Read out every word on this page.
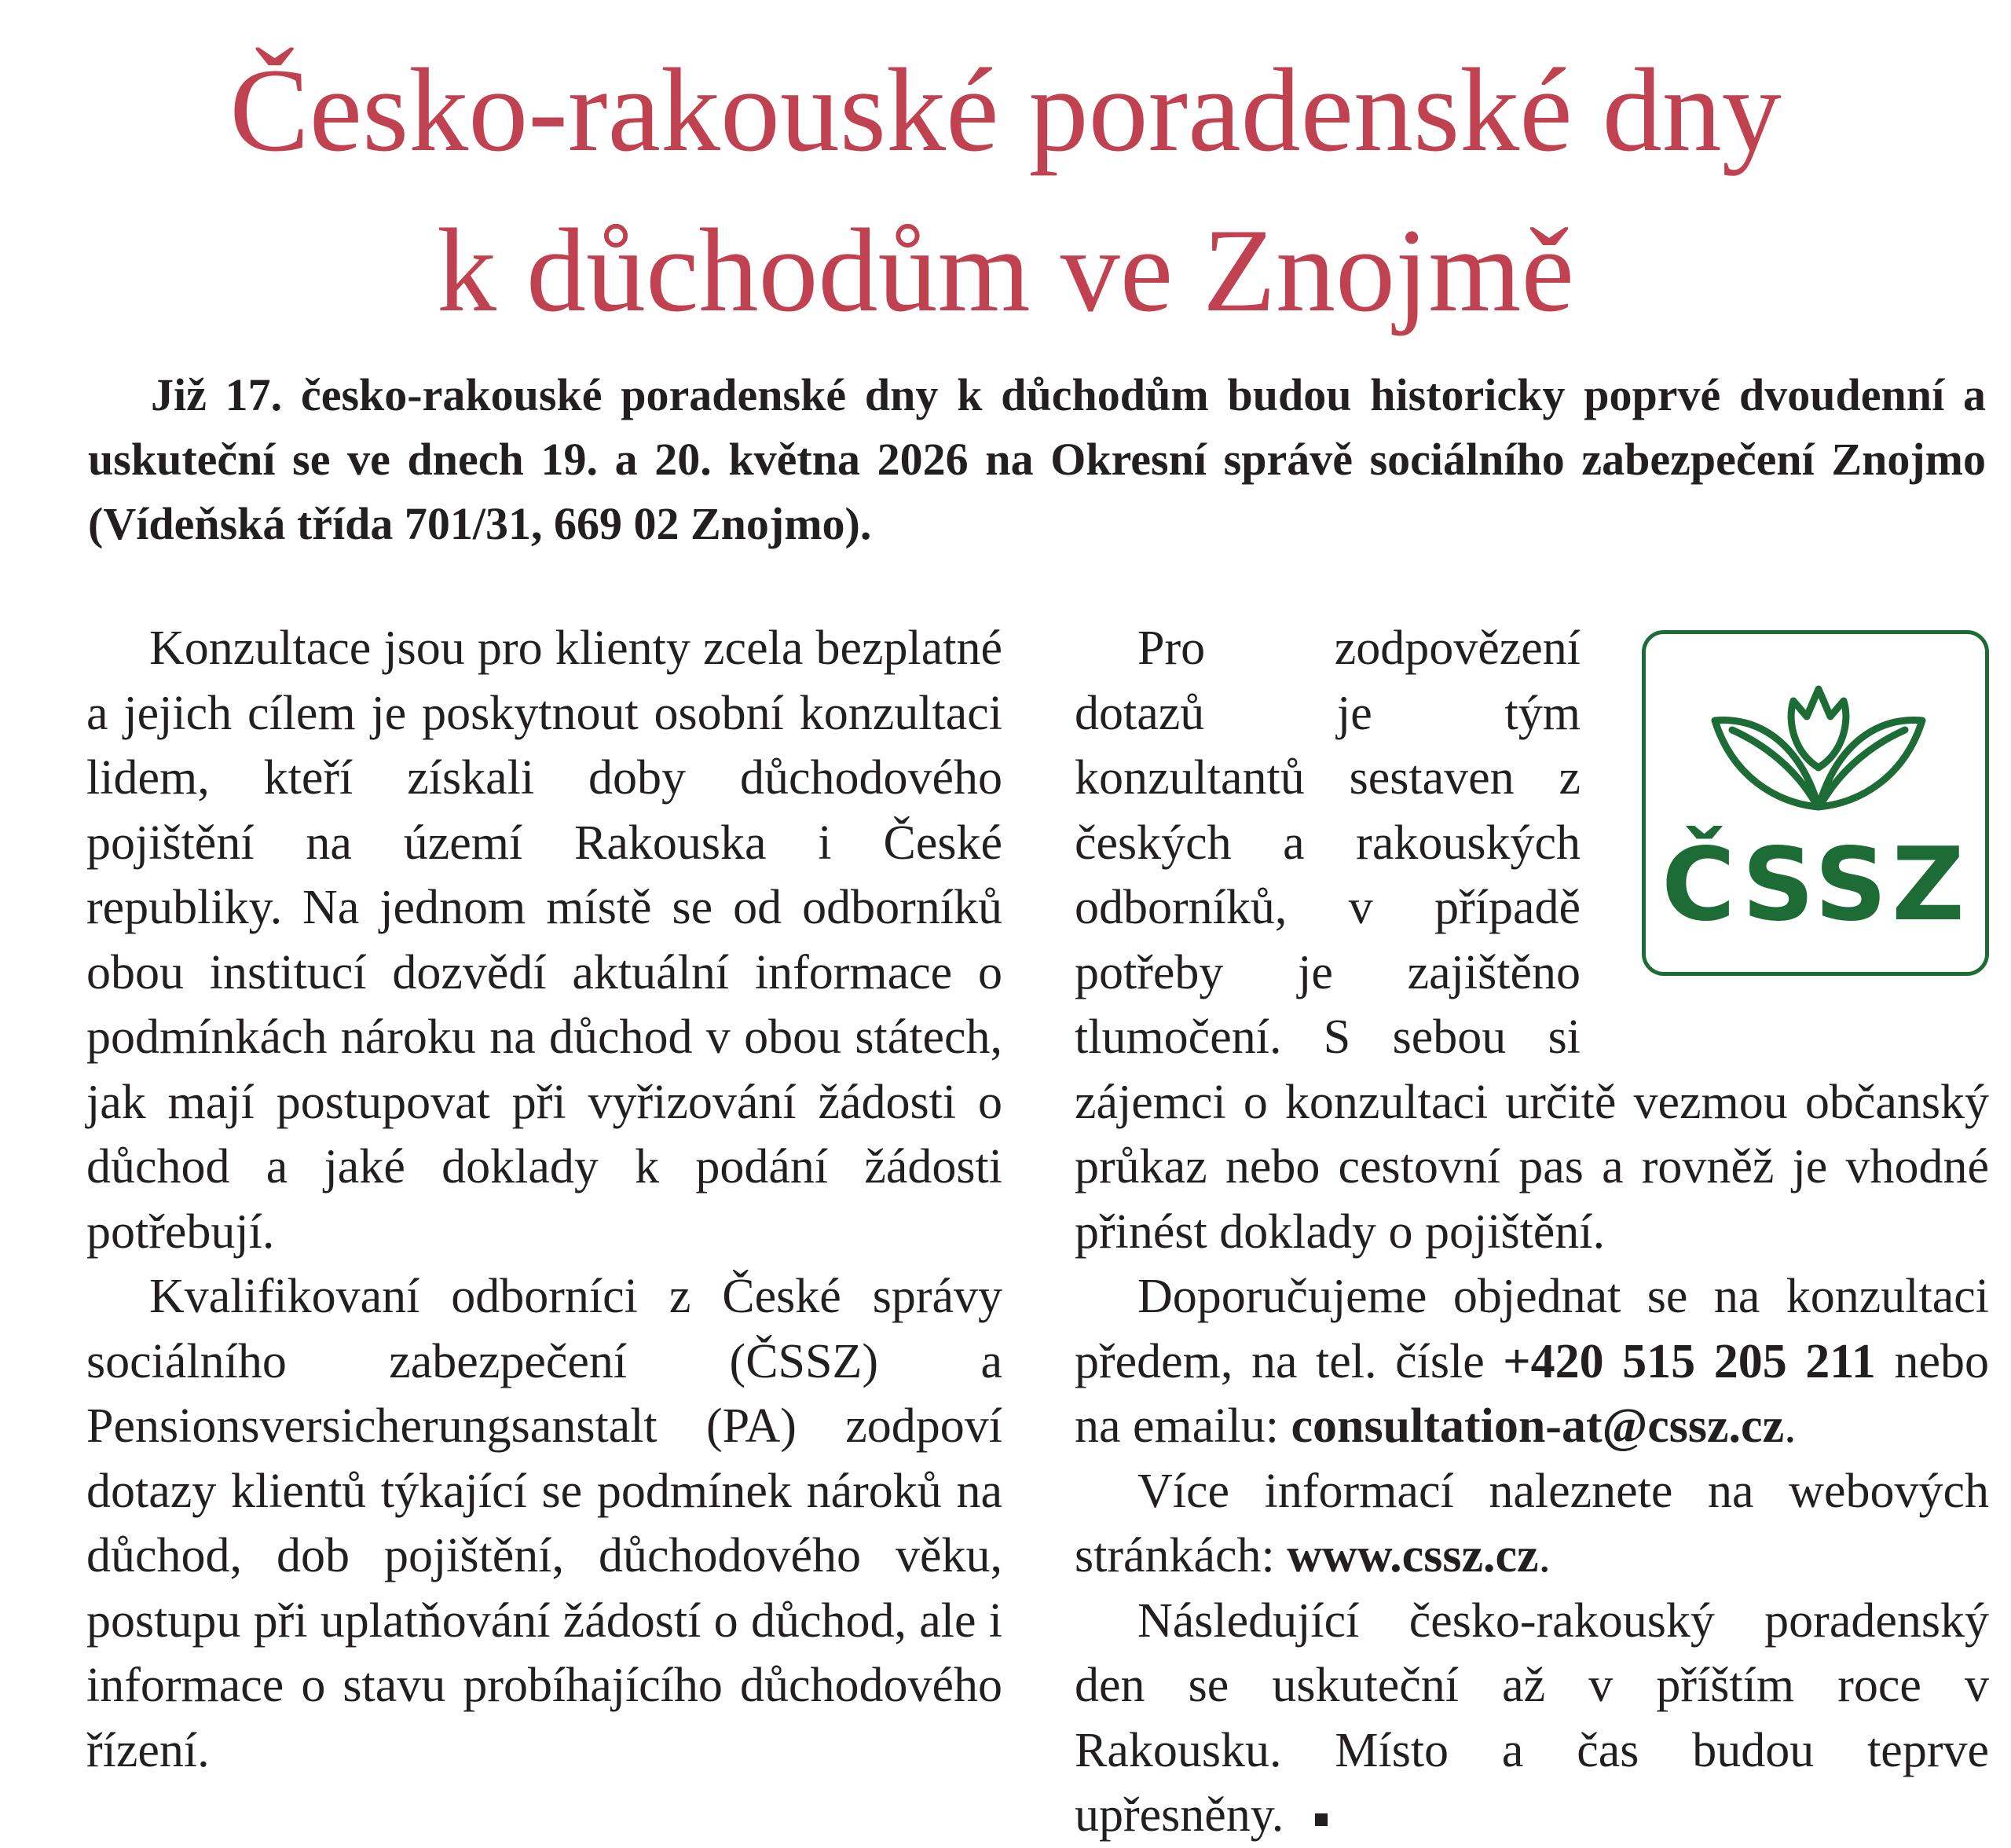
Česko-rakouské poradenské dny
k důchodům ve Znojmě

Již 17. česko-rakouské poradenské dny k důchodům budou historicky poprvé dvoudenní a uskuteční se ve dnech 19. a 20. května 2026 na Okresní správě sociálního zabezpečení Znojmo (Vídeňská třída 701/31, 669 02 Znojmo).

Konzultace jsou pro klienty zcela bezplatné a jejich cílem je poskytnout osobní konzultaci lidem, kteří získali doby důchodového pojištění na území Rakouska i České republiky. Na jednom místě se od odborníků obou institucí dozvědí aktuální informace o podmínkách nároku na důchod v obou státech, jak mají postupovat při vyřizování žádosti o důchod a jaké doklady k podání žádosti potřebují.

Kvalifikovaní odborníci z České správy sociálního zabezpečení (ČSSZ) a Pensionsversicherungsanstalt (PA) zodpoví dotazy klientů týkající se podmínek nároků na důchod, dob pojištění, důchodového věku, postupu při uplatňování žádostí o důchod, ale i informace o stavu probíhajícího důchodového řízení.

ČSSZ

Pro zodpovězení dotazů je tým konzultantů sestaven z českých a rakouských odborníků, v případě potřeby je zajištěno tlumočení. S sebou si zájemci o konzultaci určitě vezmou občanský průkaz nebo cestovní pas a rovněž je vhodné přinést doklady o pojištění.

Doporučujeme objednat se na konzultaci předem, na tel. čísle +420 515 205 211 nebo na emailu: consultation-at@cssz.cz.

Více informací naleznete na webových stránkách: www.cssz.cz.

Následující česko-rakouský poradenský den se uskuteční až v příštím roce v Rakousku. Místo a čas budou teprve upřesněny.
